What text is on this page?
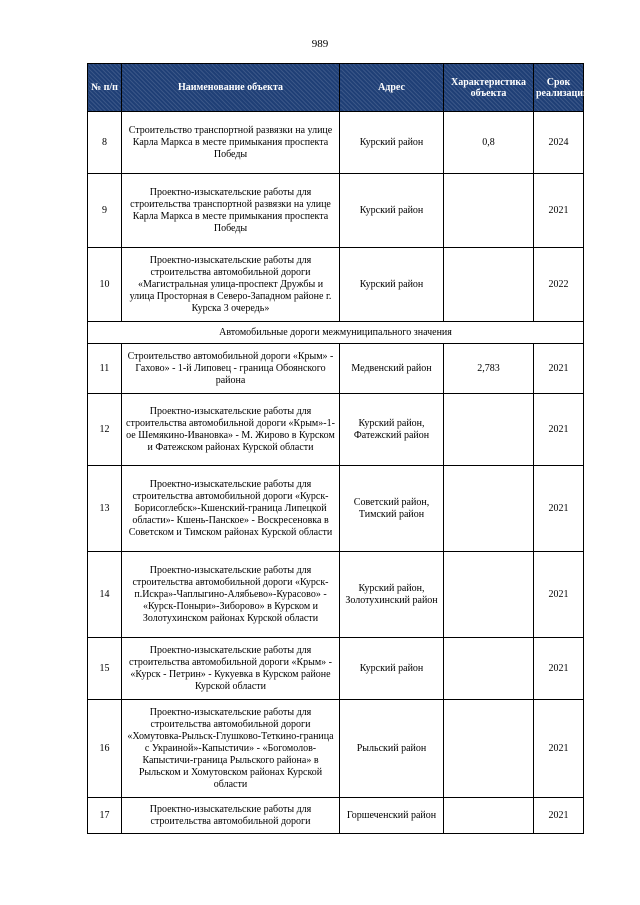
989
№ п/п	Наименование объекта	Адрес	Характеристика объекта	Срок реализации
8	Строительство транспортной развязки на улице Карла Маркса в месте примыкания проспекта Победы	Курский район	0,8	2024
9	Проектно-изыскательские работы для строительства транспортной развязки на улице Карла Маркса в месте примыкания проспекта Победы	Курский район		2021
10	Проектно-изыскательские работы для строительства автомобильной дороги «Магистральная улица-проспект Дружбы и улица Просторная в Северо-Западном районе г. Курска 3 очередь»	Курский район		2022
Автомобильные дороги межмуниципального значения				
11	Строительство автомобильной дороги «Крым» - Гахово» - 1-й Липовец - граница Обоянского района	Медвенский район	2,783	2021
12	Проектно-изыскательские работы для строительства автомобильной дороги «Крым»-1-ое Шемякино-Ивановка» - М. Жирово в Курском и Фатежском районах Курской области	Курский район, Фатежский район		2021
13	Проектно-изыскательские работы для строительства автомобильной дороги «Курск-Борисоглебск»-Кшенский-граница Липецкой области»- Кшень-Панское» - Воскресеновка в Советском и Тимском районах Курской области	Советский район, Тимский район		2021
14	Проектно-изыскательские работы для строительства автомобильной дороги «Курск-п.Искра»-Чаплыгино-Алябьево»-Курасово» - «Курск-Поныри»-Зиборово» в Курском и Золотухинском районах Курской области	Курский район, Золотухинский район		2021
15	Проектно-изыскательские работы для строительства автомобильной дороги «Крым» - «Курск - Петрин» - Кукуевка в Курском районе Курской области	Курский район		2021
16	Проектно-изыскательские работы для строительства автомобильной дороги «Хомутовка-Рыльск-Глушково-Теткино-граница с Украиной»-Капыстичи» - «Богомолов-Капыстичи-граница Рыльского района» в Рыльском и Хомутовском районах Курской области	Рыльский район		2021
17	Проектно-изыскательские работы для строительства автомобильной дороги	Горшеченский район		2021
